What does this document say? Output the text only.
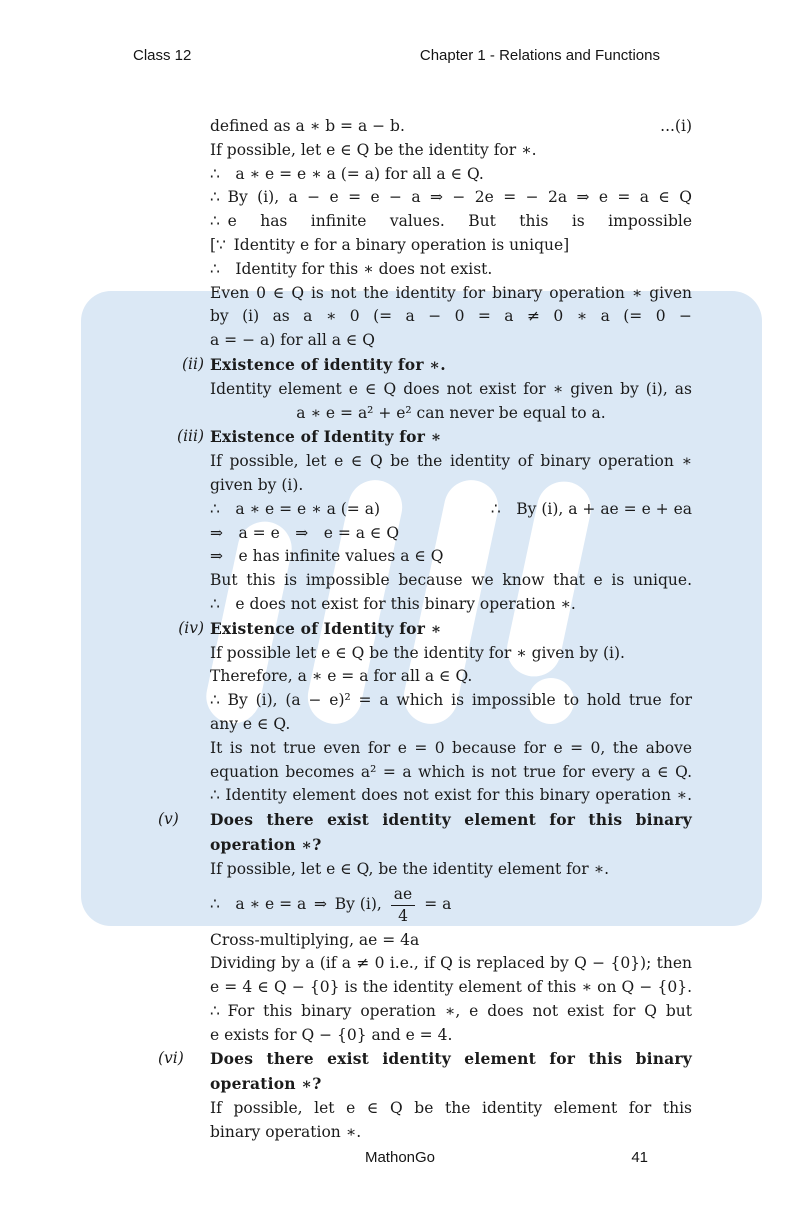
Class 12	Chapter 1 - Relations and Functions
defined as a ∗ b = a − b.	...(i)
If possible, let e ∈ Q be the identity for ∗.
∴ a ∗ e = e ∗ a (= a) for all a ∈ Q.
∴ By (i), a − e = e − a ⇒ − 2e = − 2a ⇒ e = a ∈ Q
∴ e has infinite values. But this is impossible
[∵ Identity e for a binary operation is unique]
∴ Identity for this ∗ does not exist.
Even 0 ∈ Q is not the identity for binary operation ∗ given
by (i) as a ∗ 0 (= a − 0 = a ≠ 0 ∗ a (= 0 −
a = − a) for all a ∈ Q
(ii) Existence of identity for ∗.
Identity element e ∈ Q does not exist for ∗ given by (i), as
a ∗ e = a² + e² can never be equal to a.
(iii) Existence of Identity for ∗
If possible, let e ∈ Q be the identity of binary operation ∗
given by (i).
∴ a ∗ e = e ∗ a (= a)	∴ By (i), a + ae = e + ea
⇒ a = e ⇒ e = a ∈ Q
⇒ e has infinite values a ∈ Q
But this is impossible because we know that e is unique.
∴ e does not exist for this binary operation ∗.
(iv) Existence of Identity for ∗
If possible let e ∈ Q be the identity for ∗ given by (i).
Therefore, a ∗ e = a for all a ∈ Q.
∴ By (i), (a − e)² = a which is impossible to hold true for
any e ∈ Q.
It is not true even for e = 0 because for e = 0, the above
equation becomes a² = a which is not true for every a ∈ Q.
∴ Identity element does not exist for this binary operation ∗.
(v)	Does there exist identity element for this binary
operation ∗?
If possible, let e ∈ Q, be the identity element for ∗.
∴ a ∗ e = a ⇒ By (i), $\frac{ae}{4} = a$
Cross-multiplying, ae = 4a
Dividing by a (if a ≠ 0 i.e., if Q is replaced by Q − {0}); then
e = 4 ∈ Q − {0} is the identity element of this ∗ on Q − {0}.
∴ For this binary operation ∗, e does not exist for Q but
e exists for Q − {0} and e = 4.
(vi)	Does there exist identity element for this binary
operation ∗?
If possible, let e ∈ Q be the identity element for this
binary operation ∗.
MathonGo	41
